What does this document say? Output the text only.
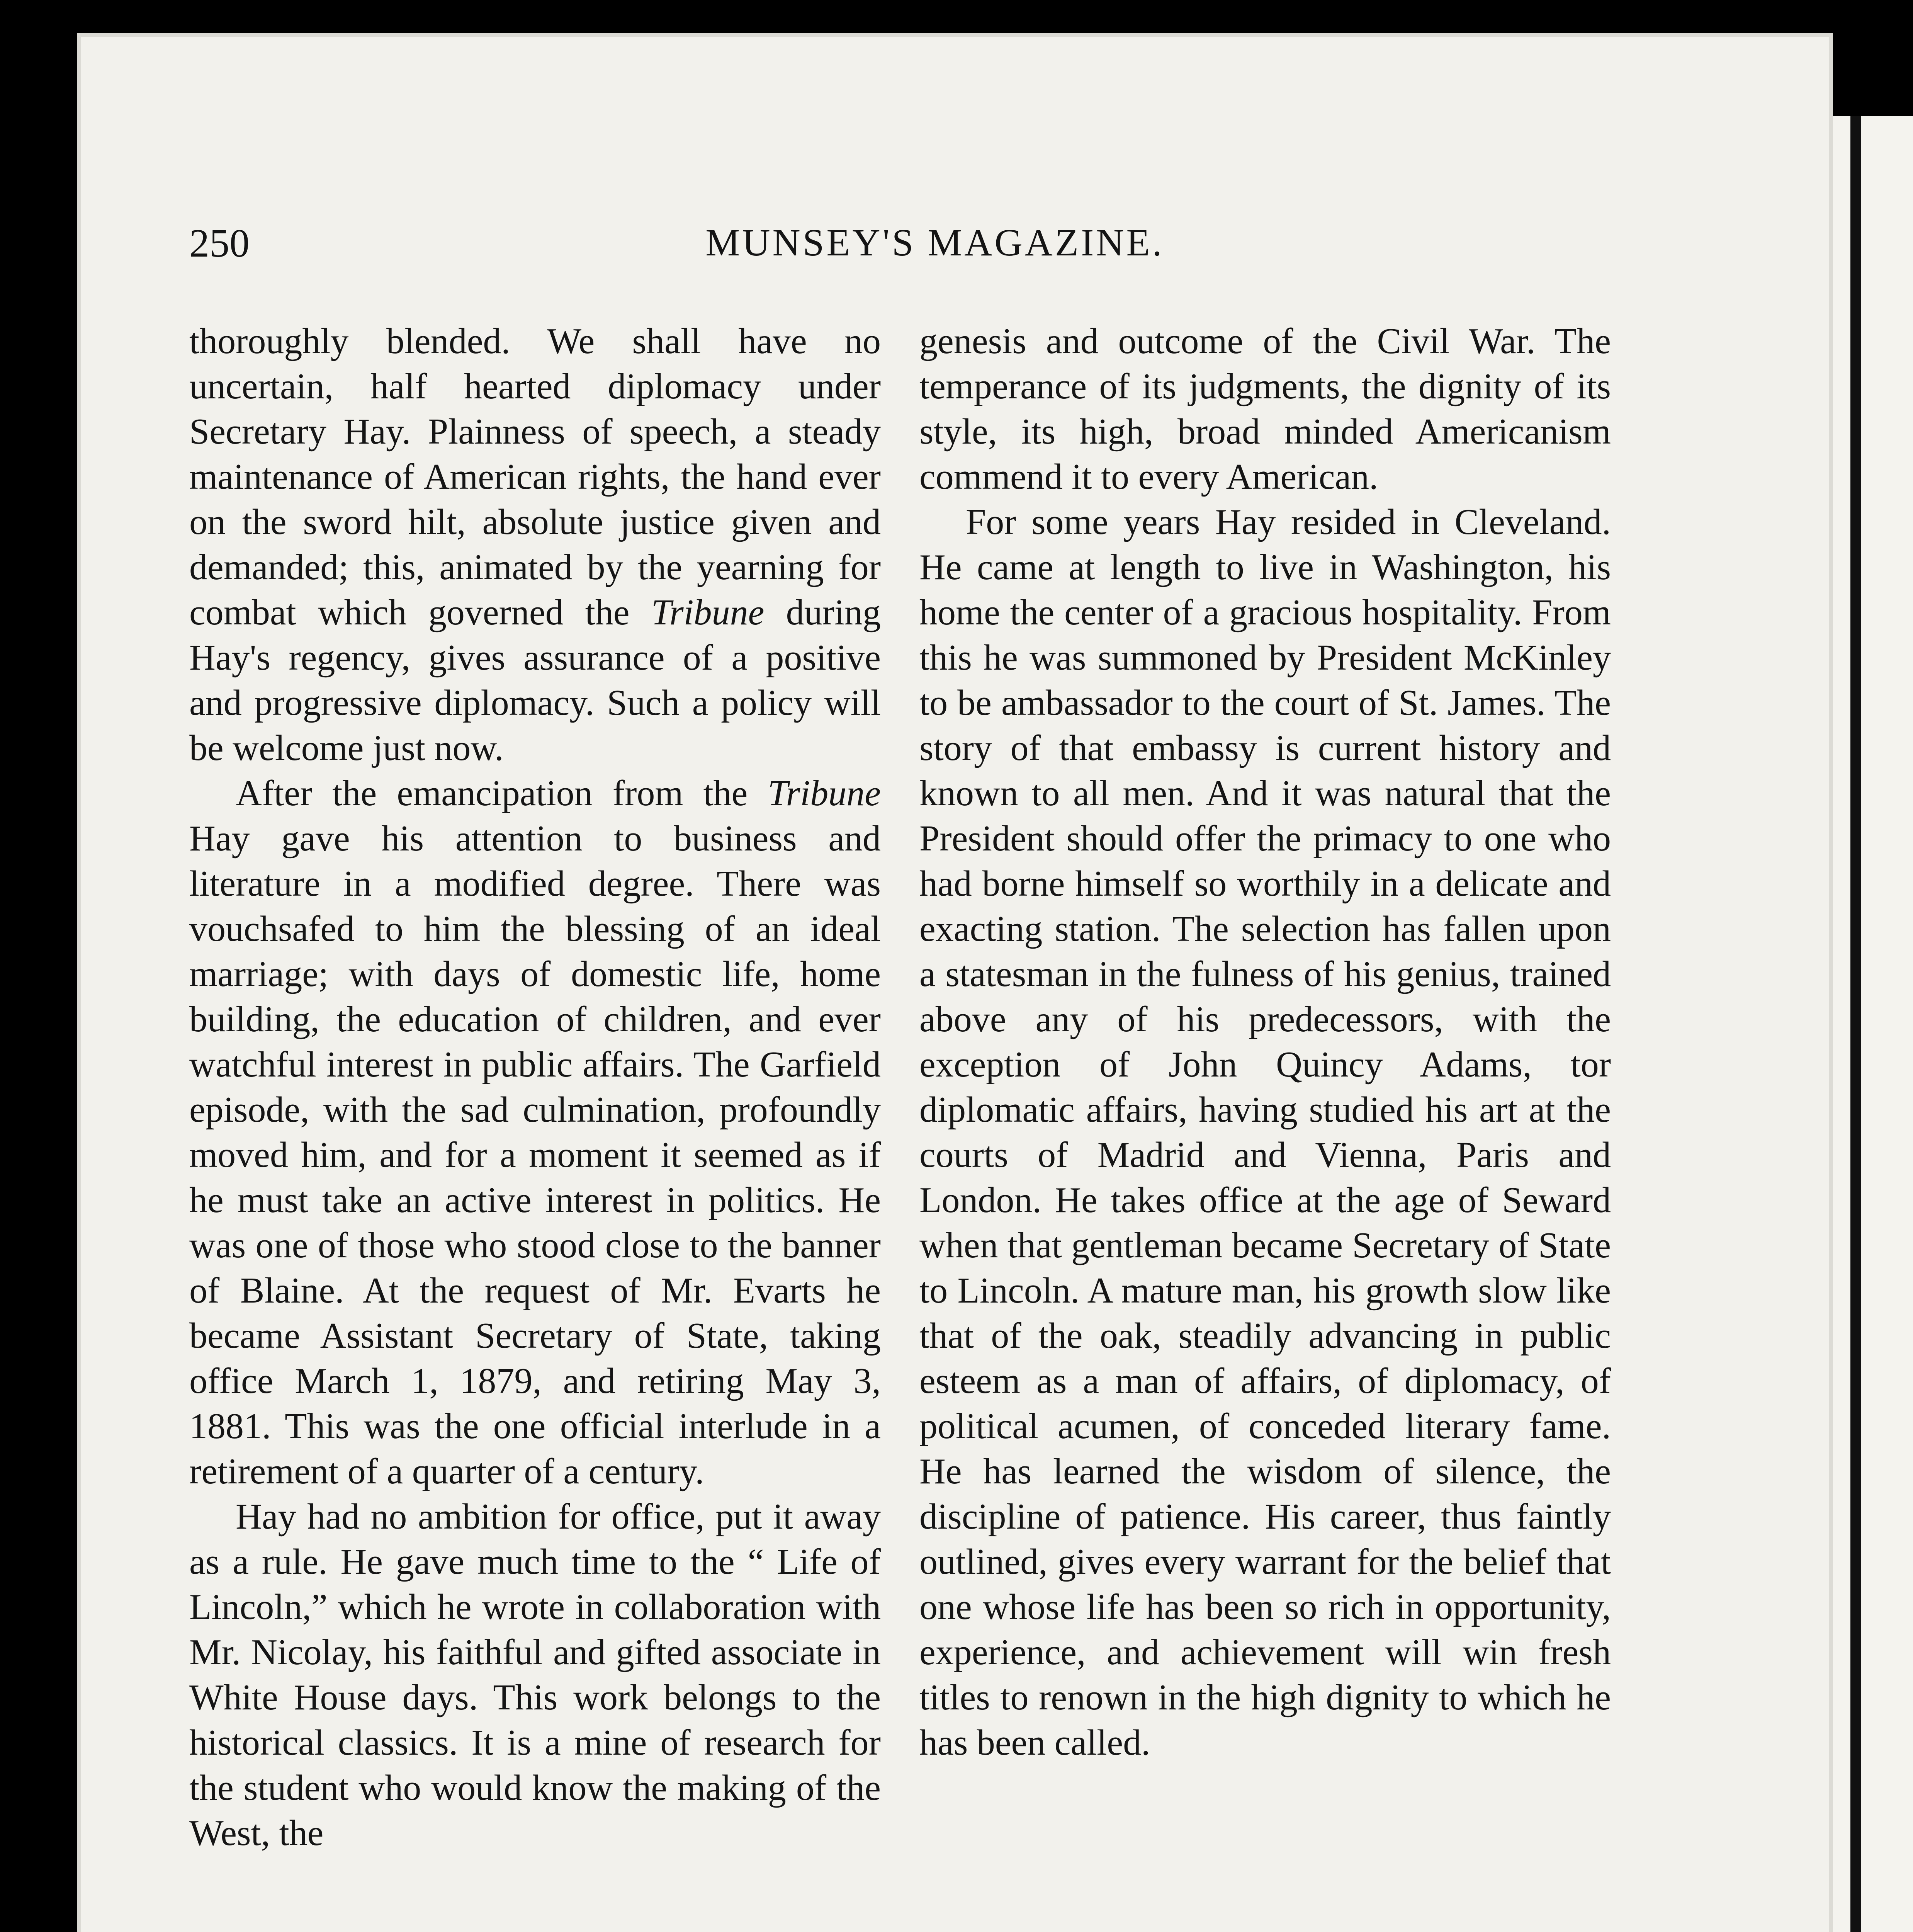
250	MUNSEY'S MAGAZINE.

thoroughly blended. We shall have no uncertain, half hearted diplomacy under Secretary Hay. Plainness of speech, a steady maintenance of American rights, the hand ever on the sword hilt, absolute justice given and demanded; this, animated by the yearning for combat which governed the Tribune during Hay's regency, gives assurance of a positive and progressive diplomacy. Such a policy will be welcome just now.

After the emancipation from the Tribune Hay gave his attention to business and literature in a modified degree. There was vouchsafed to him the blessing of an ideal marriage; with days of domestic life, home building, the education of children, and ever watchful interest in public affairs. The Garfield episode, with the sad culmination, profoundly moved him, and for a moment it seemed as if he must take an active interest in politics. He was one of those who stood close to the banner of Blaine. At the request of Mr. Evarts he became Assistant Secretary of State, taking office March 1, 1879, and retiring May 3, 1881. This was the one official interlude in a retirement of a quarter of a century.

Hay had no ambition for office, put it away as a rule. He gave much time to the “ Life of Lincoln,” which he wrote in collaboration with Mr. Nicolay, his faithful and gifted associate in White House days. This work belongs to the historical classics. It is a mine of research for the student who would know the making of the West, the

genesis and outcome of the Civil War. The temperance of its judgments, the dignity of its style, its high, broad minded Americanism commend it to every American.

For some years Hay resided in Cleveland. He came at length to live in Washington, his home the center of a gracious hospitality. From this he was summoned by President McKinley to be ambassador to the court of St. James. The story of that embassy is current history and known to all men. And it was natural that the President should offer the primacy to one who had borne himself so worthily in a delicate and exacting station. The selection has fallen upon a statesman in the fulness of his genius, trained above any of his predecessors, with the exception of John Quincy Adams, tor diplomatic affairs, having studied his art at the courts of Madrid and Vienna, Paris and London. He takes office at the age of Seward when that gentleman became Secretary of State to Lincoln. A mature man, his growth slow like that of the oak, steadily advancing in public esteem as a man of affairs, of diplomacy, of political acumen, of conceded literary fame. He has learned the wisdom of silence, the discipline of patience. His career, thus faintly outlined, gives every warrant for the belief that one whose life has been so rich in opportunity, experience, and achievement will win fresh titles to renown in the high dignity to which he has been called.
